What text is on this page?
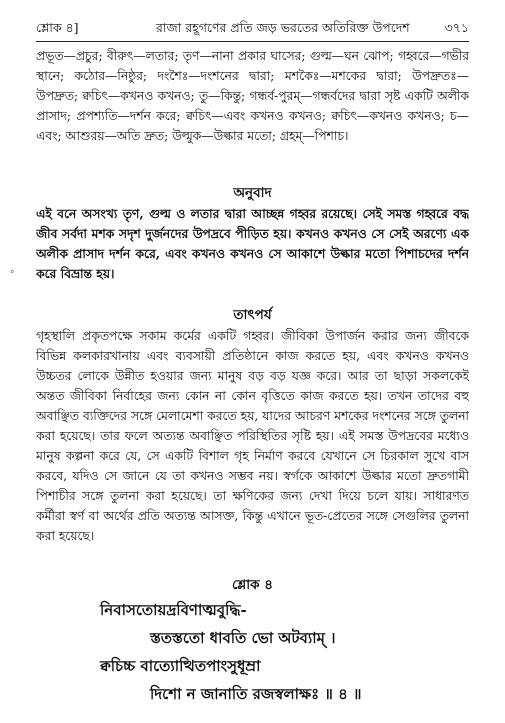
শ্লোক ৪]	রাজা রহূগণের প্রতি জড় ভরতের অতিরিক্ত উপদেশ	৩৭১
প্রভূত—প্রচুর; বীরুৎ—লতার; তৃণ—নানা প্রকার ঘাসের; গুল্ম—ঘন ঝোপ; গহ্বরে—গভীর স্থানে; কঠোর—নিষ্ঠুর; দংশৈঃ—দংশনের দ্বারা; মশকৈঃ—মশকের দ্বারা; উপদ্রুতঃ—উপদ্রুত; ক্বচিৎ—কখনও কখনও; তু—কিন্তু; গন্ধর্ব-পুরম্—গন্ধর্বদের দ্বারা সৃষ্ট একটি অলীক প্রাসাদ; প্রপশ্যতি—দর্শন করে; ক্বচিৎ—এবং কখনও কখনও; ক্বচিৎ—কখনও কখনও; চ—এবং; আশুরয়—অতি দ্রুত; উল্মুক—উল্কার মতো; গ্রহম্—পিশাচ।
অনুবাদ
এই বনে অসংখ্য তৃণ, গুল্ম ও লতার দ্বারা আচ্ছন্ন গহ্বর রয়েছে। সেই সমস্ত গহ্বরে বদ্ধ জীব সর্বদা মশক সদৃশ দুর্জনদের উপদ্রবে পীড়িত হয়। কখনও কখনও সে সেই অরণ্যে এক অলীক প্রাসাদ দর্শন করে, এবং কখনও কখনও সে আকাশে উল্কার মতো পিশাচদের দর্শন করে বিভ্রান্ত হয়।
তাৎপর্য
গৃহস্থালি প্রকৃতপক্ষে সকাম কর্মের একটি গহ্বর। জীবিকা উপার্জন করার জন্য জীবকে বিভিন্ন কলকারখানায় এবং ব্যবসায়ী প্রতিষ্ঠানে কাজ করতে হয়, এবং কখনও কখনও উচ্চতর লোকে উন্নীত হওয়ার জন্য মানুষ বড় বড় যজ্ঞ করে। আর তা ছাড়া সকলকেই অন্তত জীবিকা নির্বাহের জন্য কোন না কোন বৃত্তিতে কাজ করতে হয়। তখন তাদের বহু অবাঞ্ছিত ব্যক্তিদের সঙ্গে মেলামেশা করতে হয়, যাদের আচরণ মশকের দংশনের সঙ্গে তুলনা করা হয়েছে। তার ফলে অত্যন্ত অবাঞ্ছিত পরিস্থিতির সৃষ্টি হয়। এই সমস্ত উপদ্রবের মধ্যেও মানুষ কল্পনা করে যে, সে একটি বিশাল গৃহ নির্মাণ করবে যেখানে সে চিরকাল সুখে বাস করবে, যদিও সে জানে যে তা কখনও সম্ভব নয়। স্বর্গকে আকাশে উল্কার মতো দ্রুতগামী পিশাচীর সঙ্গে তুলনা করা হয়েছে। তা ক্ষণিকের জন্য দেখা দিয়ে চলে যায়। সাধারণত কর্মীরা স্বর্ণ বা অর্থের প্রতি অত্যন্ত আসক্ত, কিন্তু এখানে ভূত-প্রেতের সঙ্গে সেগুলির তুলনা করা হয়েছে।
শ্লোক ৪
নিবাসতোয়দ্রবিণাত্মবুদ্ধি-
স্ততস্ততো ধাবতি ভো অটব্যাম্ ।
ক্বচিচ্চ বাত্যোত্থিতপাংসুধূম্রা
দিশো ন জানাতি রজস্বলাক্ষঃ ॥ ৪ ॥
°
